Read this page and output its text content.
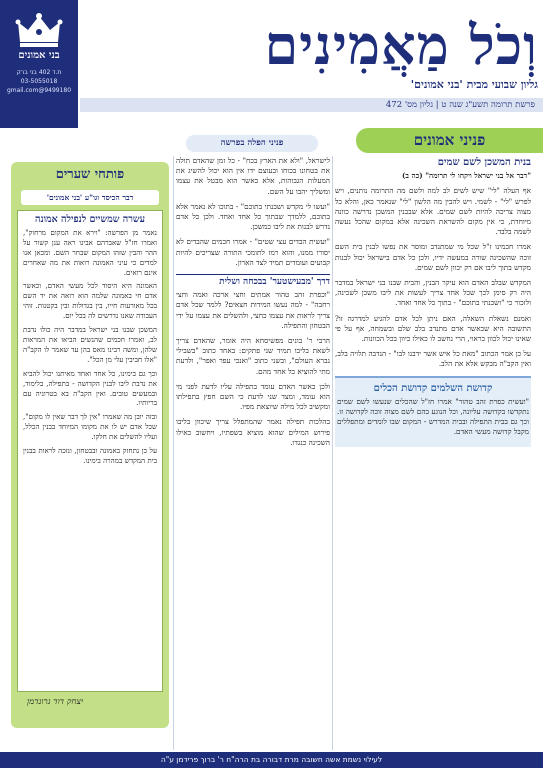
בני אמונים
ת.ד 402 בני ברק
03-5055018
9499180@gmail.com
וְכֹל מַאֲמִינִים
גליון שבועי מבית 'בני אמונים'
פרשת תרומה תשע"ג שנה ט | גליון מס' 472
פניני אמונים
בנית המשכן לשם שמים

"דבר אל בני ישראל ויקחו לי תרומה" (כה ב)

אף העלה "לי" שיש לשים לב למה ולשם מה התרומה נותנים, ויש לפרש "לי" - לשמי. ויש להבין מה הלשון "לי" שנאמר כאן, והלא כל מצוה צריכה להיות לשם שמים. אלא שבבנין המשכן נדרשה כוונה מיוחדת, כי אין מקום להשראת השכינה אלא במקום שהכל נעשה לשמה בלבד.

אמרו חכמינו ז"ל שכל מי שמתנדב ומוסר את נפשו לבנין בית השם זוכה שהשכינה שורה במעשה ידיו, ולכן כל אדם בישראל יכול לבנות מקדש בתוך ליבו אם רק יכוון לשם שמים.

המקדש שבלב האדם הוא עיקר הבנין, והבית שבנו בני ישראל במדבר היה רק סימן לכך שכל אחד צריך לעשות את ליבו משכן לשכינה, ולזכור כי "ושכנתי בתוכם" - בתוך כל אחד ואחד.

ואמנם נשאלת השאלה, האם ניתן לכל אדם להגיע למדרגה זו? התשובה היא שכאשר אדם מתנדב בלב שלם ובשמחה, אף על פי שאינו יכול לכוון כראוי, הרי נחשב לו כאילו כיוון בכל הכוונות.

על כן אמר הכתוב "מאת כל איש אשר ידבנו לבו" - הנדבה תלויה בלב, ואין הקב"ה מבקש אלא את הלב.

קדושת השלמים קדושת הכלים

"ועשית כפרת זהב טהור" אמרו חז"ל שהכלים שנעשו לשם שמים נתקדשו בקדושה עליונה, וכל הנוגע בהם לשם מצוה זוכה לקדושה זו. וכך גם בבית התפילה ובבית המדרש - המקום שבו לומדים ומתפללים מקבל קדושה מעשי האדם.

פניני הפלה בפרשה

לישראל, "ולא את הארץ בכח" - כל זמן שהאדם תולה את בטחונו בכוחו ובעוצם ידו אין הוא יכול להשיג את המעלות הגבוהות, אלא כאשר הוא מבטל את עצמו ומשליך יהבו על השם.

"ועשו לי מקדש ושכנתי בתוכם" - בתוכו לא נאמר אלא בתוכם, ללמדך שבתוך כל אחד ואחד. ולכן כל אדם נדרש לבנות את ליבו כמשכן.

"ועשית הבדים עצי שטים" - אמרו חכמים שהבדים לא יסורו ממנו, והוא רמז לתומכי התורה שצריכים להיות קבועים ועומדים תמיד לצד הארון.

דרך 'מבעישטער' בבכחה ושלית

"וכפרת זהב טהור אמתים וחצי ארכה ואמה וחצי רחבה" - למה נעשו המידות חצאים? ללמד שכל אדם צריך לראות את עצמו כחצי, ולהשלים את עצמו על ידי הבטחון והתפילה.

הרבי ר' בונים מפשיסחא היה אומר, שהאדם צריך לשאת בליבו תמיד שני פתקים: באחד כתוב "בשבילי נברא העולם", ובשני כתוב "ואנכי עפר ואפר", ולדעת מתי להוציא כל אחד מהם.

ולכן כאשר האדם עומד בתפילה עליו לדעת לפני מי הוא עומד, ומצד שני לדעת כי השם חפץ בתפילתו ומקשיב לכל מילה שיוצאת מפיו.

בהלכות תפילה נאמר שהמתפלל צריך שיכוון בליבו פירוש המילים שהוא מוציא בשפתיו, ויחשוב כאילו השכינה כנגדו.

פותחי שערים
דבר הכיסד וגו"ע 'בני אמונים'
עשרה שמשיים לנפילה אמונה

נאמר מן הפרשה: "וירא את המקום מרחוק", ואמרו חז"ל שאברהם אבינו ראה ענן קשור על ההר והבין שזהו המקום שבחר השם. ומכאן אנו למדים כי עיני האמונה רואות את מה שאחרים אינם רואים.

האמונה היא היסוד לכל מעשי האדם, וכאשר אדם חי באמונה שלמה הוא רואה את יד השם בכל מאורעות חייו, בין בגדולות ובין בקטנות. זוהי העבודה שאנו נדרשים לה בכל יום.

המשכן שבנו בני ישראל במדבר היה כולו נדבת לב, ואמרו חכמים שהנשים הביאו את המראות שלהן, ומשה רבינו מאס בהן עד שאמר לו הקב"ה "אלו חביבין עלי מן הכל".

וכך גם בימינו, כל אחד ואחד מאיתנו יכול להביא את נדבת ליבו לבנין הקדושה - בתפילה, בלימוד, ובמעשים טובים. ואין הקב"ה בא בטרוניה עם בריותיו.

ובזה יובן מה שאמרו "אין לך דבר שאין לו מקום", שכל אדם יש לו את מקומו המיוחד בבנין הכלל, ועליו להשלים את חלקו.

על כן נתחזק באמונה ובבטחון, ונזכה לראות בבנין בית המקדש במהרה בימינו.

יצחק דוד גרונדמן
לעילוי נשמת אשה חשובה מרת דבורה בת הרה"ח ר' ברוך פרידמן ע"ה
